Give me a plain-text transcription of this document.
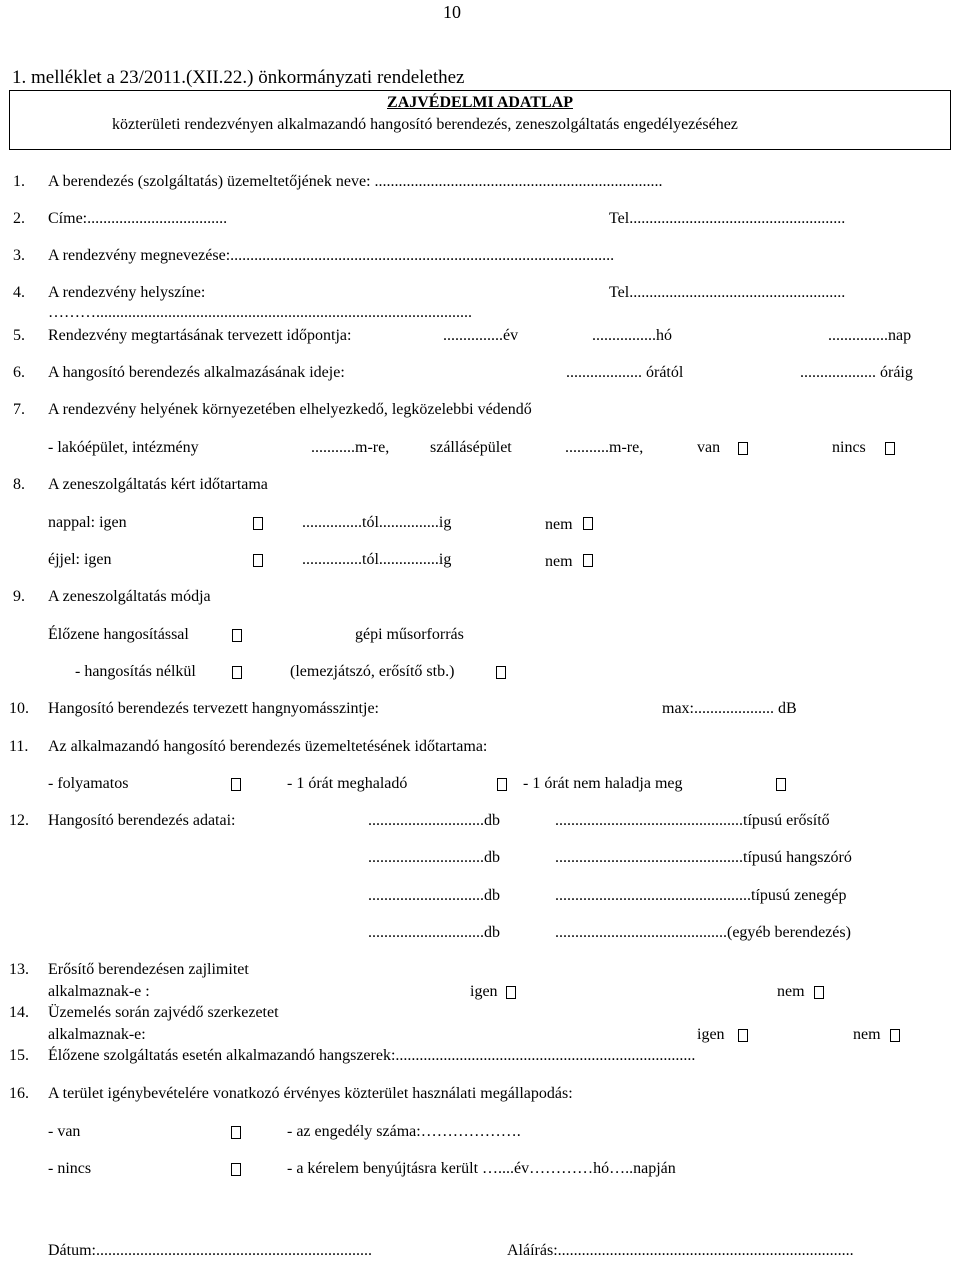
10
1. melléklet a 23/2011.(XII.22.) önkormányzati rendelethez
ZAJVÉDELMI ADATLAP
közterületi rendezvényen alkalmazandó hangosító berendezés, zeneszolgáltatás engedélyezéséhez
1. A berendezés (szolgáltatás) üzemeltetőjének neve: ........................................................................
2. Címe:...................................	Tel......................................................
3. A rendezvény megnevezése:................................................................................................
4. A rendezvény helyszíne:	Tel......................................................
………..............................................................................................
5. Rendezvény megtartásának tervezett időpontja:	...............év	................hó	...............nap
6. A hangosító berendezés alkalmazásának ideje:	................... órától	................... óráig
7. A rendezvény helyének környezetében elhelyezkedő, legközelebbi védendő
- lakóépület, intézmény	...........m-re,	szállásépület	...........m-re,	van	nincs
8. A zeneszolgáltatás kért időtartama
nappal: igen	...............tól...............ig	nem
éjjel: igen	...............tól...............ig	nem
9. A zeneszolgáltatás módja
Élőzene hangosítással	gépi műsorforrás
- hangosítás nélkül	(lemezjátszó, erősítő stb.)
10. Hangosító berendezés tervezett hangnyomásszintje:	max:.................... dB
11. Az alkalmazandó hangosító berendezés üzemeltetésének időtartama:
- folyamatos	- 1 órát meghaladó	- 1 órát nem haladja meg
12. Hangosító berendezés adatai:	.............................db	...............................................típusú erősítő
.............................db	...............................................típusú hangszóró
.............................db	.................................................típusú zenegép
.............................db	...........................................(egyéb berendezés)
13. Erősítő berendezésen zajlimitet
alkalmaznak-e :	igen	nem
14. Üzemelés során zajvédő szerkezetet
alkalmaznak-e:	igen	nem
15. Élőzene szolgáltatás esetén alkalmazandó hangszerek:...........................................................................
16. A terület igénybevételére vonatkozó érvényes közterület használati megállapodás:
- van	- az engedély száma:……………….
- nincs	- a kérelem benyújtásra került …....év…………hó…..napján
Dátum:.....................................................................	Aláírás:..........................................................................
